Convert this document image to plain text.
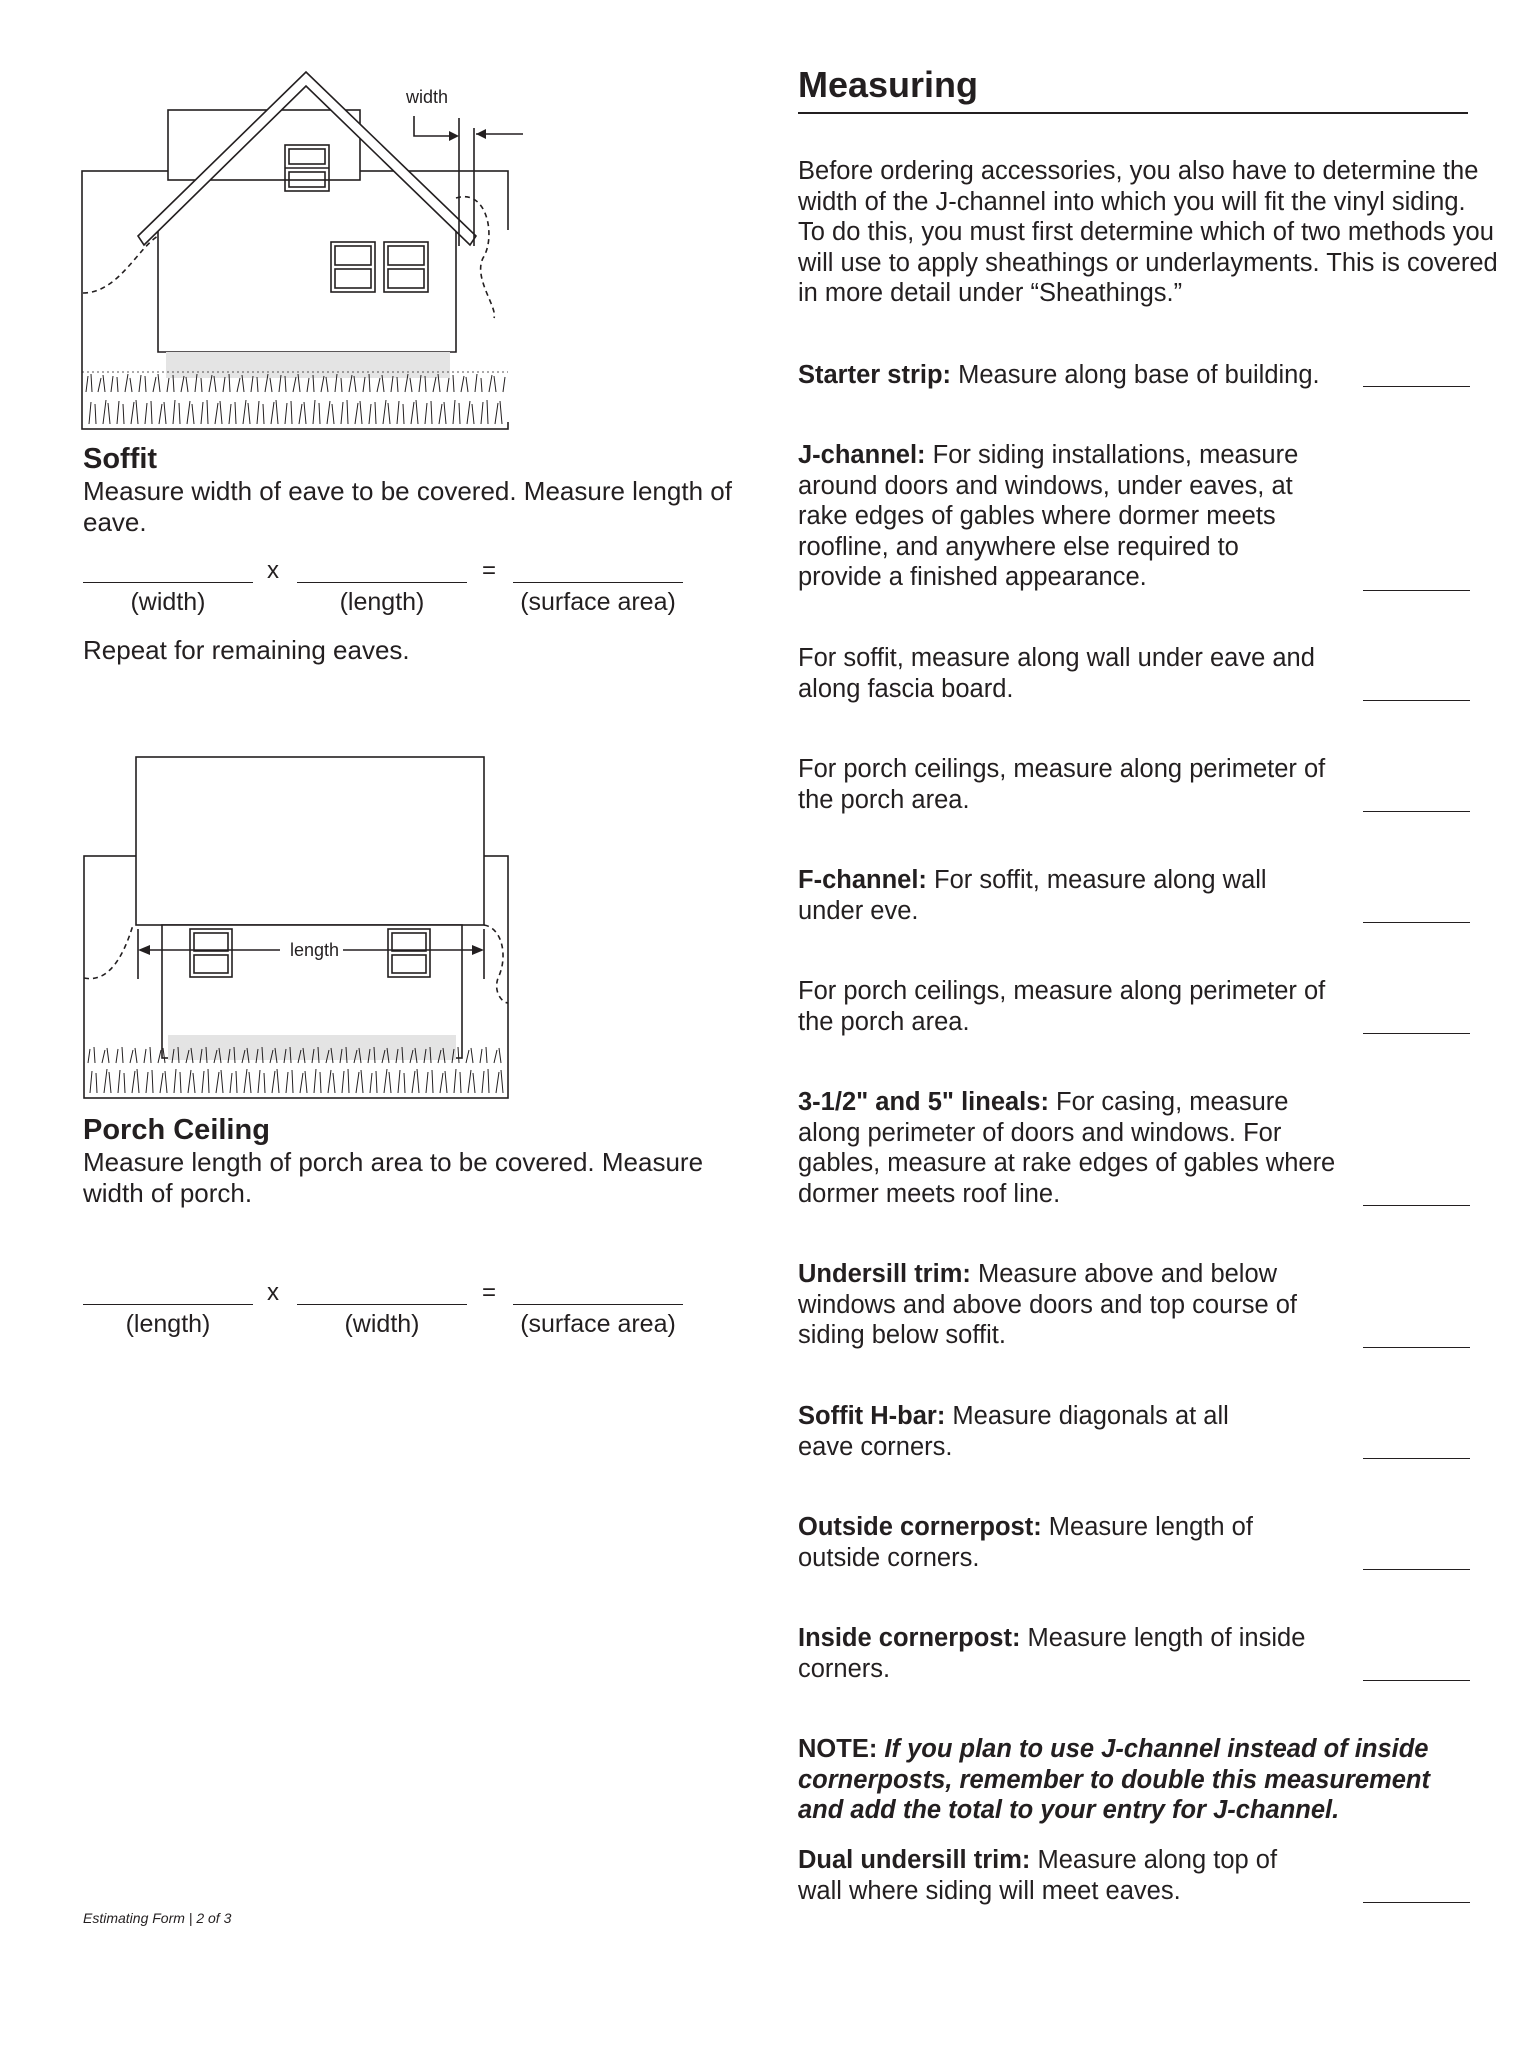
width
Soffit
Measure width of eave to be covered. Measure length of eave.
x	=
(width)	(length)	(surface area)
Repeat for remaining eaves.
length
Porch Ceiling
Measure length of porch area to be covered. Measure width of porch.
x	=
(length)	(width)	(surface area)
Estimating Form | 2 of 3
Measuring
Before ordering accessories, you also have to determine the width of the J-channel into which you will fit the vinyl siding. To do this, you must first determine which of two methods you will use to apply sheathings or underlayments. This is covered in more detail under “Sheathings.”
Starter strip: Measure along base of building.
J-channel: For siding installations, measure around doors and windows, under eaves, at rake edges of gables where dormer meets roofline, and anywhere else required to provide a finished appearance.
For soffit, measure along wall under eave and along fascia board.
For porch ceilings, measure along perimeter of the porch area.
F-channel: For soffit, measure along wall under eve.
For porch ceilings, measure along perimeter of the porch area.
3-1/2" and 5" lineals: For casing, measure along perimeter of doors and windows. For gables, measure at rake edges of gables where dormer meets roof line.
Undersill trim: Measure above and below windows and above doors and top course of siding below soffit.
Soffit H-bar: Measure diagonals at all eave corners.
Outside cornerpost: Measure length of outside corners.
Inside cornerpost: Measure length of inside corners.
NOTE: If you plan to use J-channel instead of inside cornerposts, remember to double this measurement and add the total to your entry for J-channel.
Dual undersill trim: Measure along top of wall where siding will meet eaves.
